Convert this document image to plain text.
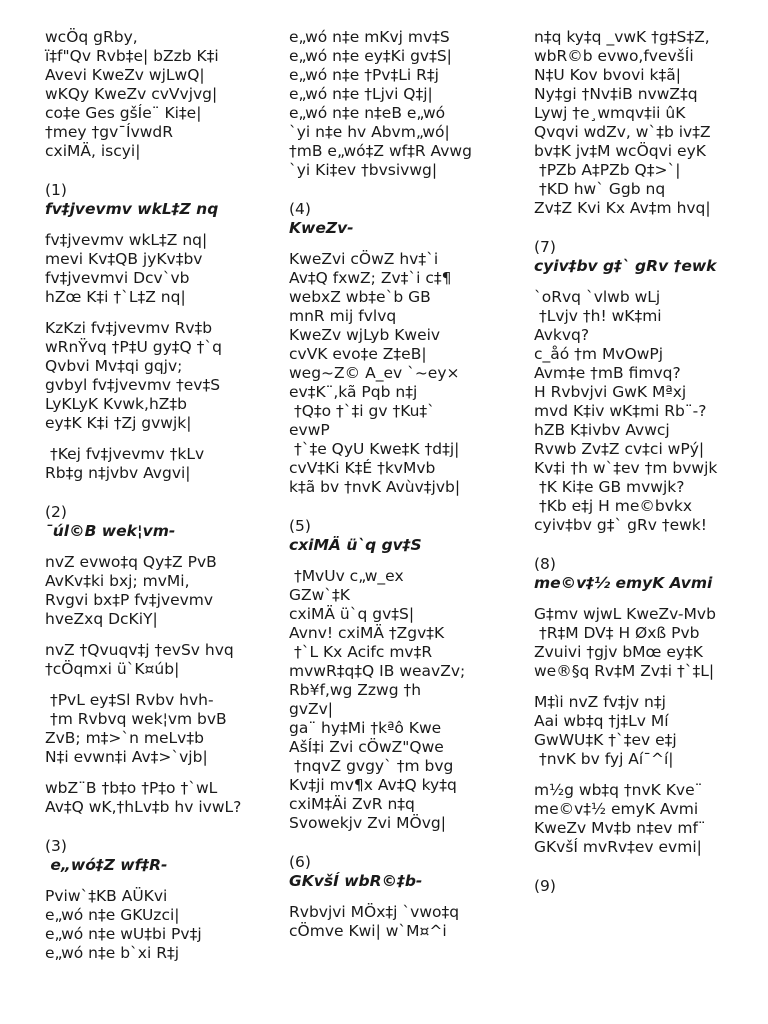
wcÖq gRby,
ï‡f"Qv Rvb‡e| bZzb K‡i
Avevi KweZv wjLwQ|
wKQy KweZv cvVvjvg|
co‡e Ges gšÍe¨ Ki‡e|
†mey †gv¯ÍvwdR
cxiMÄ, iscyi|

(1)

fv‡jvevmv wkL‡Z nq

fv‡jvevmv wkL‡Z nq|
mevi Kv‡QB jyKv‡bv
fv‡jvevmvi Dcv`vb
hZœ K‡i †`L‡Z nq|

KzKzi fv‡jvevmv Rv‡b
wRnŸvq †P‡U gy‡Q †`q
Qvbvi Mv‡qi gqjv;
gvbyl fv‡jvevmv †ev‡S
LyKLyK Kvwk,hZ‡b
ey‡K K‡i †Zj gvwjk|

†Kej fv‡jvevmv †kLv
Rb‡g n‡jvbv Avgvi|

(2)

¯úl©B wek¦vm-

nvZ evwo‡q Qy‡Z PvB
AvKv‡ki bxj; mvMi,
Rvgvi bx‡P fv‡jvevmv
hveZxq DcKiY|

nvZ †Qvuqv‡j †evSv hvq
†cÖqmxi ü`K¤úb|

†PvL ey‡Sl Rvbv hvh-
†m Rvbvq wek¦vm bvB
ZvB; m‡>`n meLv‡b
N‡i evwn‡i Av‡>`vjb|

wbZ¨B †b‡o †P‡o †`wL
Av‡Q wK,†hLv‡b hv ivwL?

(3)

e„wó‡Z wf‡R-

Pviw`‡KB AÜKvi
e„wó n‡e GKUzci|
e„wó n‡e wU‡bi Pv‡j
e„wó n‡e b`xi R‡j

e„wó n‡e mKvj mv‡S
e„wó n‡e ey‡Ki gv‡S|
e„wó n‡e †Pv‡Li R‡j
e„wó n‡e †Ljvi Q‡j|
e„wó n‡e n‡eB e„wó
`yi n‡e hv Abvm„wó|
†mB e„wó‡Z wf‡R Avwg
`yi Ki‡ev †bvsivwg|

(4)

KweZv-

KweZvi cÖwZ hv‡`i
Av‡Q fxwZ; Zv‡`i c‡¶
webxZ wb‡e`b GB
mnR mij fvlvq
KweZv wjLyb Kweiv
cvVK evo‡e Z‡eB|
weg~Z© A_ev `~ey×
ev‡K¨,kã Pqb n‡j
†Q‡o †`‡i gv †Ku‡`
evwP
†`‡e QyU Kwe‡K †d‡j|
cvV‡Ki K‡É †kvMvb
k‡ã bv †nvK Avùv‡jvb|

(5)

cxiMÄ ü`q gv‡S

†MvUv c„w_ex
GZw`‡K
cxiMÄ ü`q gv‡S|
Avnv! cxiMÄ †Zgv‡K
†`L Kx Acifc mv‡R
mvwR‡q‡Q IB weavZv;
Rb¥f‚wg Zzwg †h
gvZv|
ga¨ hy‡Mi †kªô Kwe
AšÍ‡i Zvi cÖwZ"Qwe
†nqvZ gvgy` †m bvg
Kv‡ji mv¶x Av‡Q ky‡q
cxiM‡Äi ZvR n‡q
Svowekjv Zvi MÖvg|

(6)

GKvšÍ wbR©‡b-

Rvbvjvi MÖx‡j `vwo‡q
cÖmve Kwi| w`M¤^i

n‡q ky‡q _vwK †g‡S‡Z,
wbR©b evwo,fvevšÍi
N‡U Kov bvovi k‡ã|
Ny‡gi †Nv‡iB nvwZ‡q
Lywj †e¸wmqv‡ii ûK
Qvqvi wdZv, w`‡b iv‡Z
bv‡K jv‡M wcÖqvi eyK
†PZb A‡PZb Q‡>`|
†KD hw` Ggb nq
Zv‡Z Kvi Kx Av‡m hvq|

(7)

cyiv‡bv g‡` gRv †ewk

`oRvq `vlwb wLj
†Lvjv †h! wK‡mi
Avkvq?
c_åó †m MvOwPj
Avm‡e †mB fimvq?
H Rvbvjvi GwK Mªxj
mvd K‡iv wK‡mi Rb¨-?
hZB K‡ivbv Avwcj
Rvwb Zv‡Z cv‡ci wPý|
Kv‡i †h w`‡ev †m bvwjk
†K Ki‡e GB mvwjk?
†Kb e‡j H me©bvkx
cyiv‡bv g‡` gRv †ewk!

(8)

me©v‡½ emyK Avmi

G‡mv wjwL KweZv-Mvb
†R‡M DV‡ H Øxß Pvb
Zvuivi †gjv bMœ ey‡K
we®§q Rv‡M Zv‡i †`‡L|

M‡ìi nvZ fv‡jv n‡j
Aai wb‡q †j‡Lv Mí
GwWU‡K †`‡ev e‡j
†nvK bv fyj Aí¯^í|

m½g wb‡q †nvK Kve¨
me©v‡½ emyK Avmi
KweZv Mv‡b n‡ev mf¨
GKvšÍ mvRv‡ev evmi|

(9)
